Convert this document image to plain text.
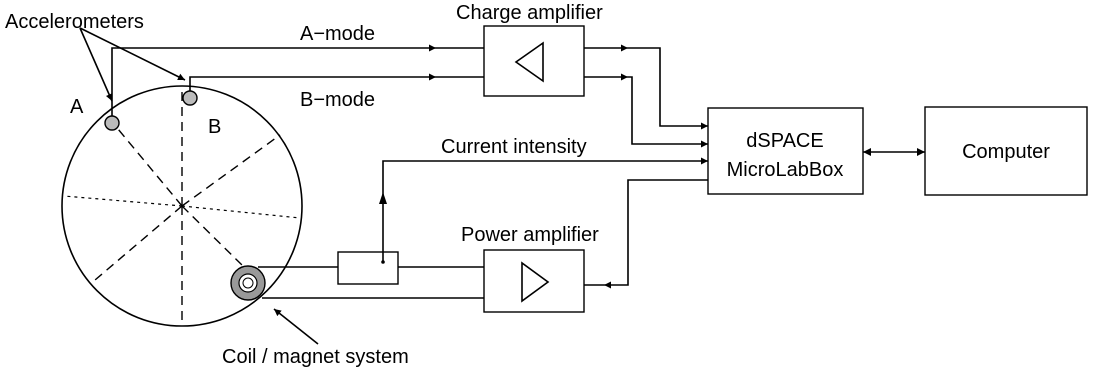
Accelerometers
A
B
A−mode
B−mode
Charge amplifier
Current intensity	dSPACE
MicroLabBox
Computer
Power amplifier
Coil / magnet system
